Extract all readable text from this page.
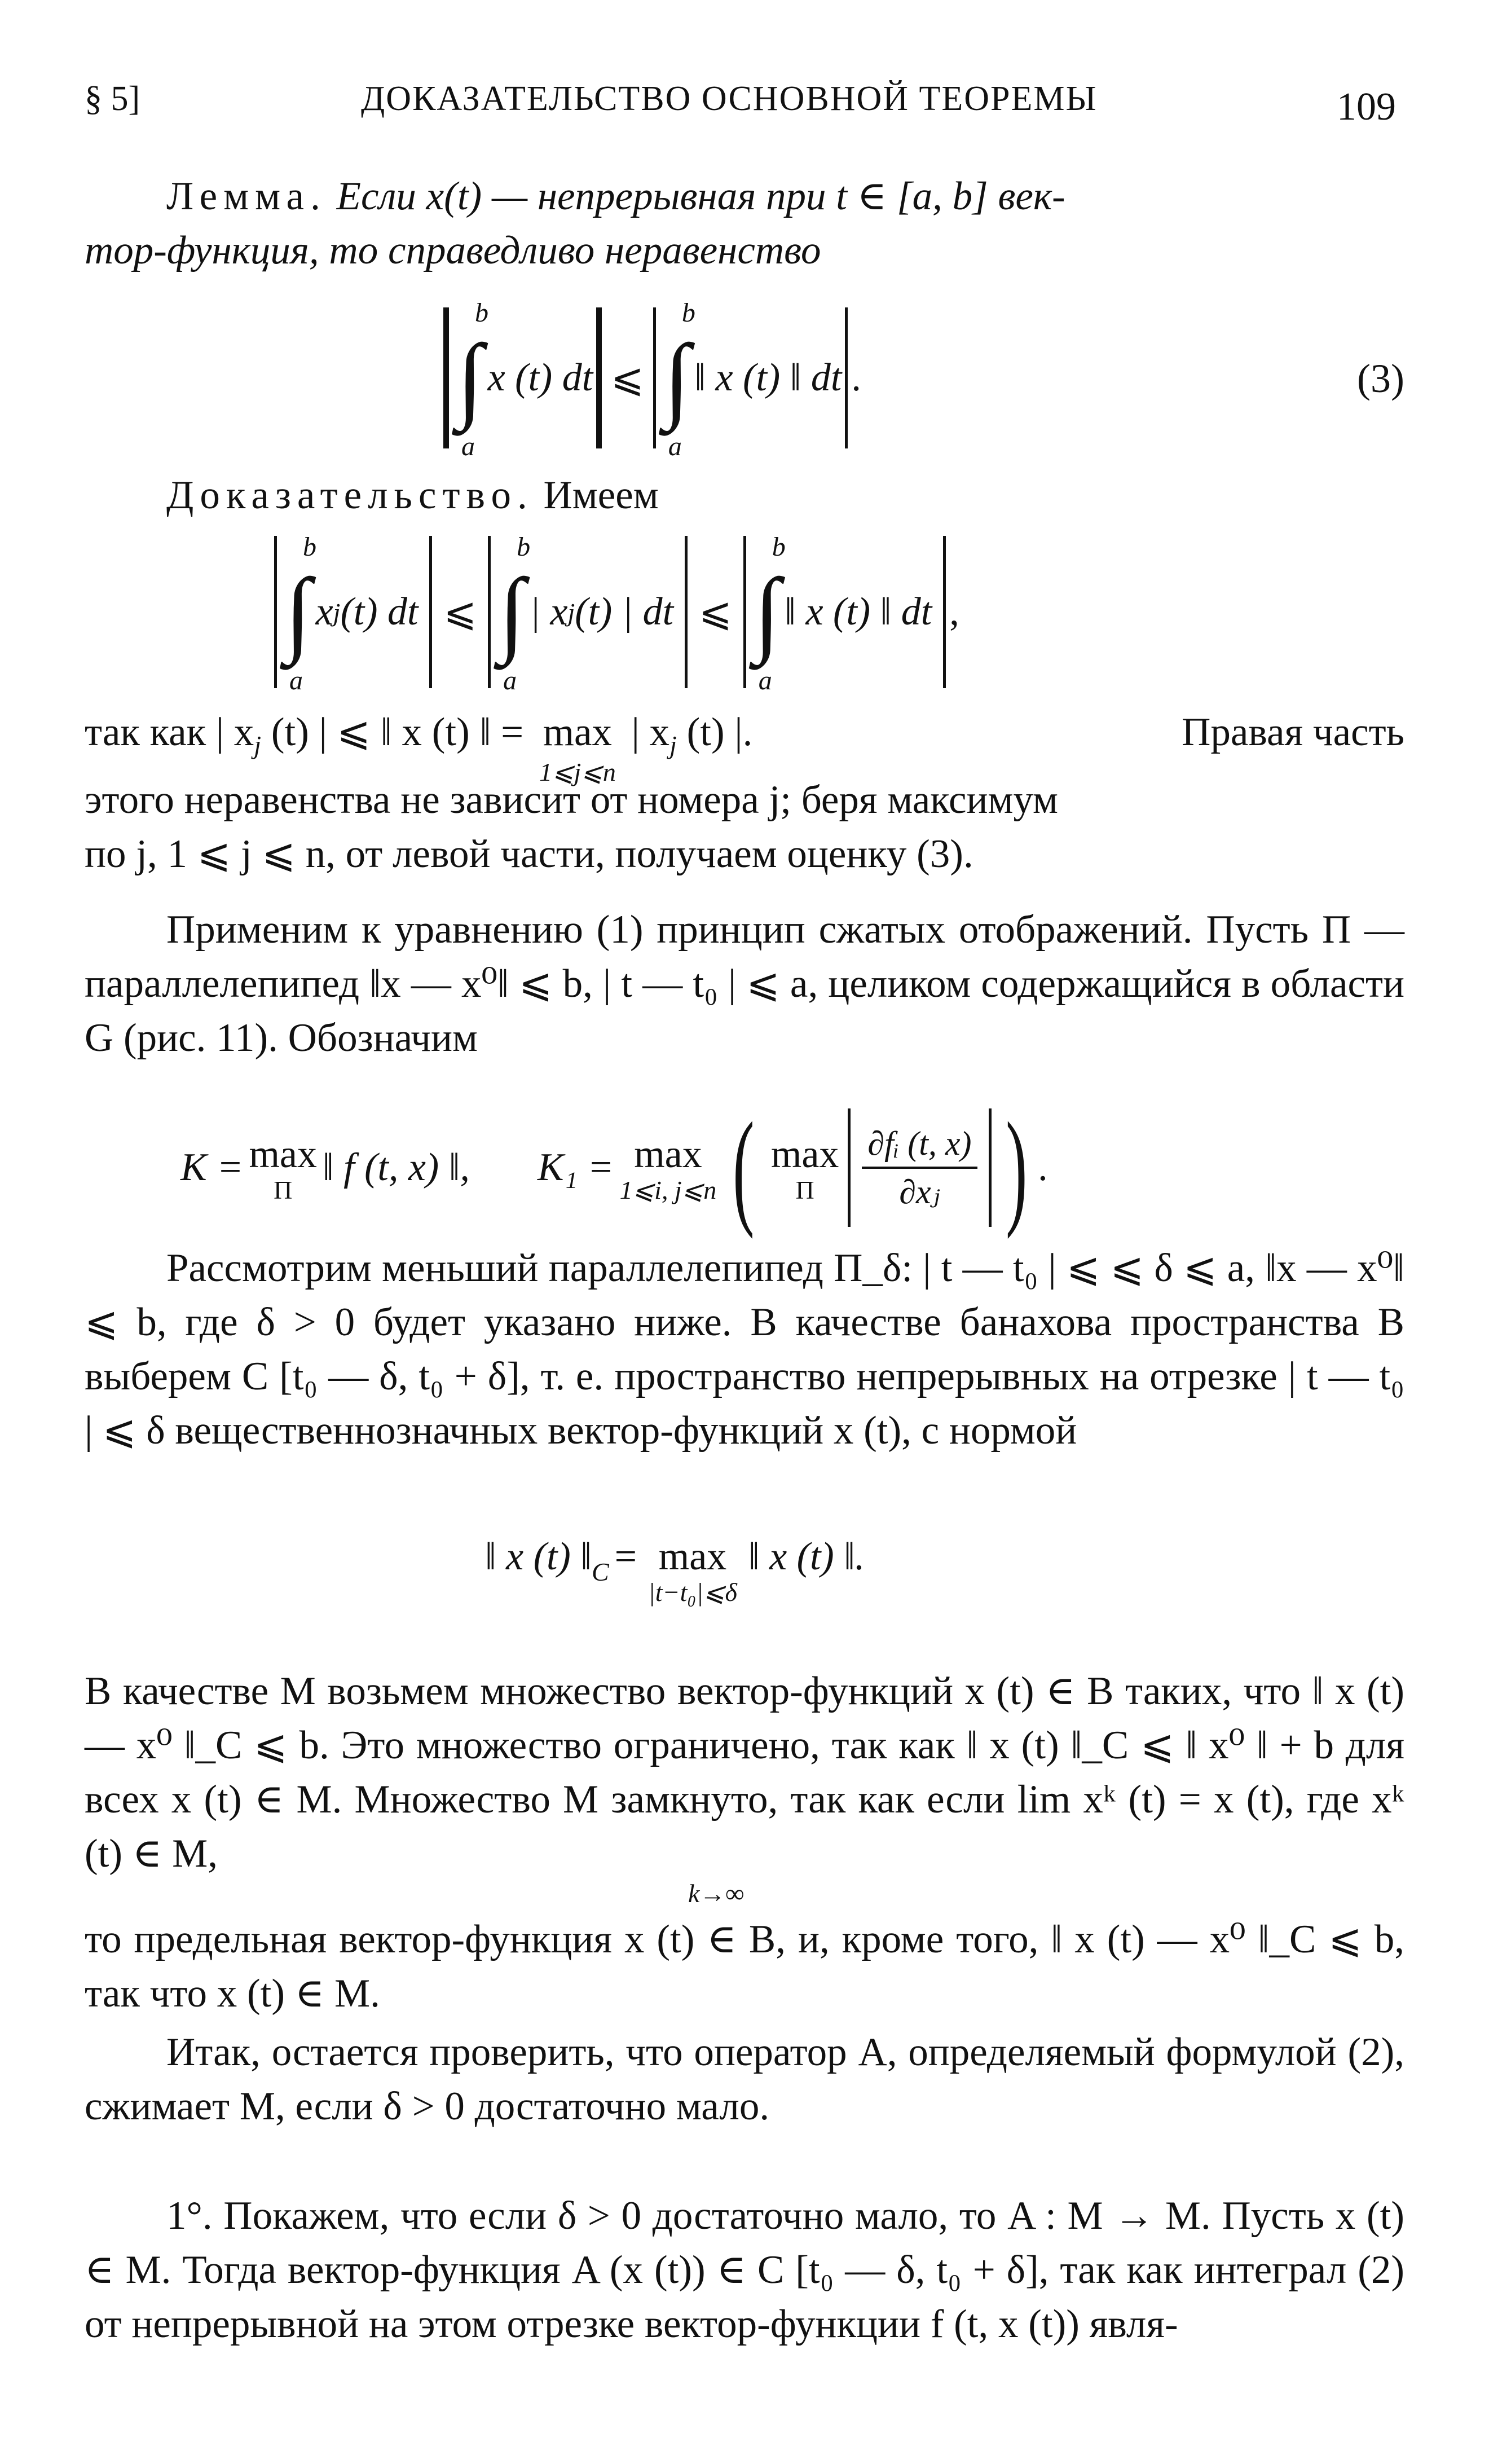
§ 5]	ДОКАЗАТЕЛЬСТВО ОСНОВНОЙ ТЕОРЕМЫ	109
Лемма. Если x(t) — непрерывная при t ∈ [a, b] век-
тор-функция, то справедливо неравенство
b
∫
a
x (t) dt ⩽
b
∫
a
‖ x (t) ‖ dt .	(3)
Доказательство. Имеем
b
∫
a
x j (t) dt ⩽
b
∫
a
| x j (t) | dt ⩽
b
∫
a
‖ x (t) ‖ dt ,
так как | $x_j$ (t) | ⩽ ‖ x (t) ‖ = max
1⩽j⩽n
| $x_j$ (t) |.	Правая часть
этого неравенства не зависит от номера j; беря максимум
по j, 1 ⩽ j ⩽ n, от левой части, получаем оценку (3).
Применим к уравнению (1) принцип сжатых отображений. Пусть П — параллелепипед ‖x — x⁰‖ ⩽ b, | t — t₀ | ⩽ a, целиком содержащийся в области G (рис. 11). Обозначим
K = max
П
‖ f (t, x) ‖, K₁ = max
1⩽i, j⩽n ( max
П $\frac{\text{∂fᵢ (t, x)}}{\text{∂xⱼ}}$ ) .
Рассмотрим меньший параллелепипед П_δ: | t — t₀ | ⩽ ⩽ δ ⩽ a, ‖x — x⁰‖ ⩽ b, где δ > 0 будет указано ниже. В качестве банахова пространства B выберем C [t₀ — δ, t₀ + δ], т. е. пространство непрерывных на отрезке | t — t₀ | ⩽ δ вещественнозначных вектор-функций x (t), с нормой
‖ x (t) $‖_C = \max$
|t−t₀|⩽δ
‖ x (t) ‖.
В качестве M возьмем множество вектор-функций x (t) ∈ B таких, что ‖ x (t) — x⁰ ‖_C ⩽ b. Это множество ограничено, так как ‖ x (t) ‖_C ⩽ ‖ x⁰ ‖ + b для всех x (t) ∈ M. Множество M замкнуто, так как если lim xᵏ (t) = x (t), где xᵏ (t) ∈ M,
k→∞
то предельная вектор-функция x (t) ∈ B, и, кроме того, ‖ x (t) — x⁰ ‖_C ⩽ b, так что x (t) ∈ M.
Итак, остается проверить, что оператор A, определяемый формулой (2), сжимает M, если δ > 0 достаточно мало.
1°. Покажем, что если δ > 0 достаточно мало, то A : M → M. Пусть x (t) ∈ M. Тогда вектор-функция A (x (t)) ∈ C [t₀ — δ, t₀ + δ], так как интеграл (2) от непрерывной на этом отрезке вектор-функции f (t, x (t)) явля-
